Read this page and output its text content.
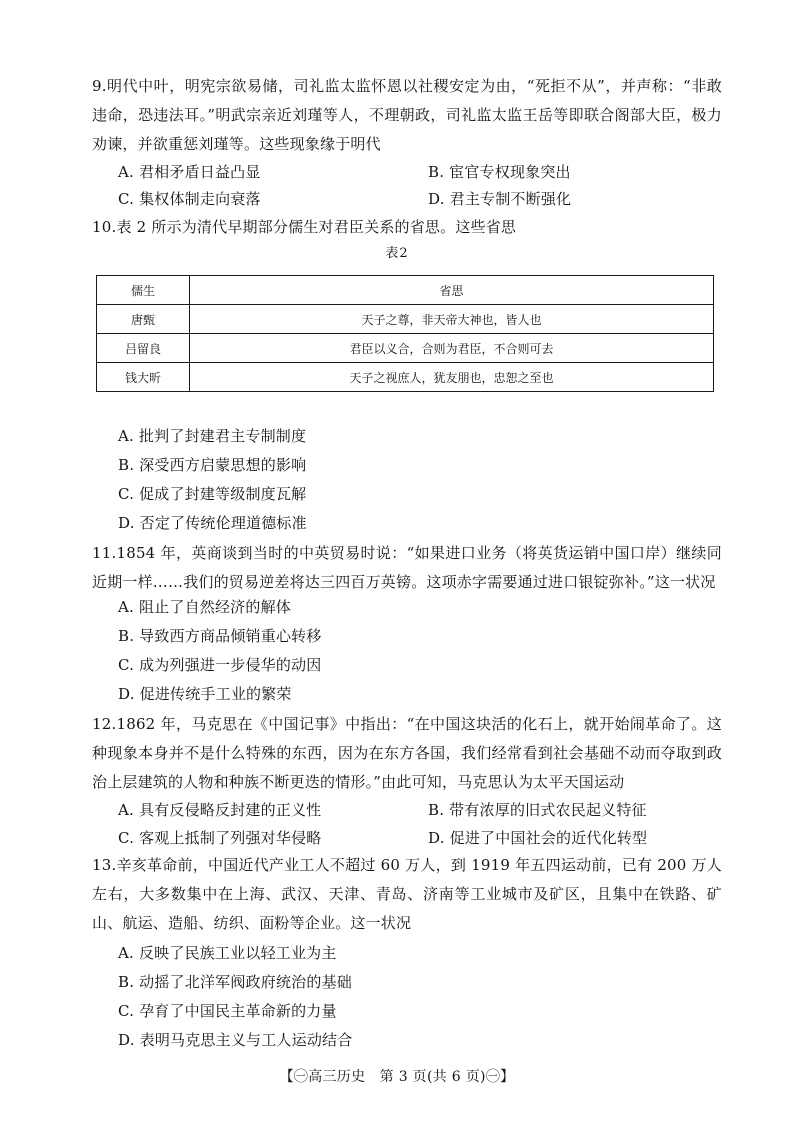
9.明代中叶，明宪宗欲易储，司礼监太监怀恩以社稷安定为由，“死拒不从”，并声称：“非敢违命，恐违法耳。”明武宗亲近刘瑾等人，不理朝政，司礼监太监王岳等即联合阁部大臣，极力劝谏，并欲重惩刘瑾等。这些现象缘于明代
A. 君相矛盾日益凸显	B. 宦官专权现象突出
C. 集权体制走向衰落	D. 君主专制不断强化
10.表 2 所示为清代早期部分儒生对君臣关系的省思。这些省思
表2
儒生	省思
唐甄	天子之尊，非天帝大神也，皆人也
吕留良	君臣以义合，合则为君臣，不合则可去
钱大昕	天子之视庶人，犹友朋也，忠恕之至也
A. 批判了封建君主专制制度
B. 深受西方启蒙思想的影响
C. 促成了封建等级制度瓦解
D. 否定了传统伦理道德标准
11.1854 年，英商谈到当时的中英贸易时说：“如果进口业务（将英货运销中国口岸）继续同近期一样……我们的贸易逆差将达三四百万英镑。这项赤字需要通过进口银锭弥补。”这一状况
A. 阻止了自然经济的解体
B. 导致西方商品倾销重心转移
C. 成为列强进一步侵华的动因
D. 促进传统手工业的繁荣
12.1862 年，马克思在《中国记事》中指出：“在中国这块活的化石上，就开始闹革命了。这种现象本身并不是什么特殊的东西，因为在东方各国，我们经常看到社会基础不动而夺取到政治上层建筑的人物和种族不断更迭的情形。”由此可知，马克思认为太平天国运动
A. 具有反侵略反封建的正义性	B. 带有浓厚的旧式农民起义特征
C. 客观上抵制了列强对华侵略	D. 促进了中国社会的近代化转型
13.辛亥革命前，中国近代产业工人不超过 60 万人，到 1919 年五四运动前，已有 200 万人左右，大多数集中在上海、武汉、天津、青岛、济南等工业城市及矿区，且集中在铁路、矿山、航运、造船、纺织、面粉等企业。这一状况
A. 反映了民族工业以轻工业为主
B. 动摇了北洋军阀政府统治的基础
C. 孕育了中国民主革命新的力量
D. 表明马克思主义与工人运动结合
【㊀高三历史　第 3 页(共 6 页)㊀】
